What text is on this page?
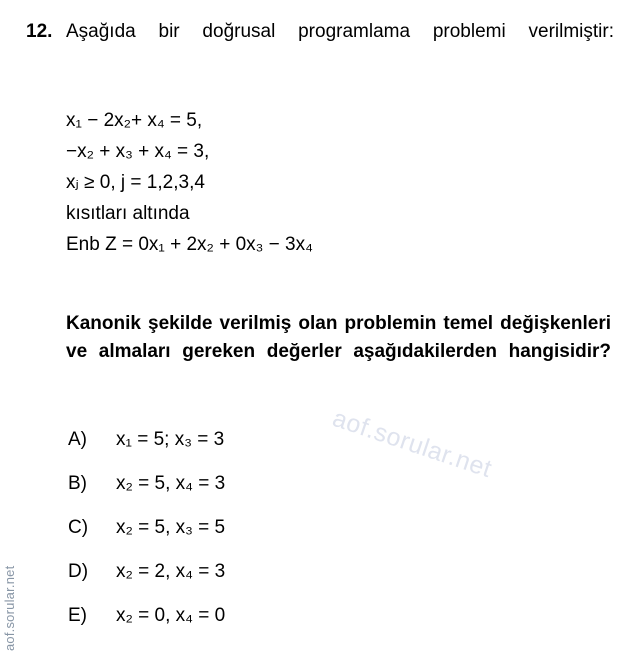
aof.sorular.net
12. Aşağıda bir doğrusal programlama problemi verilmiştir:
x₁ − 2x₂+ x₄ = 5,
−x₂ + x₃ + x₄ = 3,
xⱼ ≥ 0, j = 1,2,3,4
kısıtları altında
Enb Z = 0x₁ + 2x₂ + 0x₃ − 3x₄
Kanonik şekilde verilmiş olan problemin temel değişkenleri ve almaları gereken değerler aşağıdakilerden hangisidir?
A) x₁ = 5; x₃ = 3
B) x₂ = 5, x₄ = 3
C) x₂ = 5, x₃ = 5
D) x₂ = 2, x₄ = 3
E) x₂ = 0, x₄ = 0
aof.sorular.net
